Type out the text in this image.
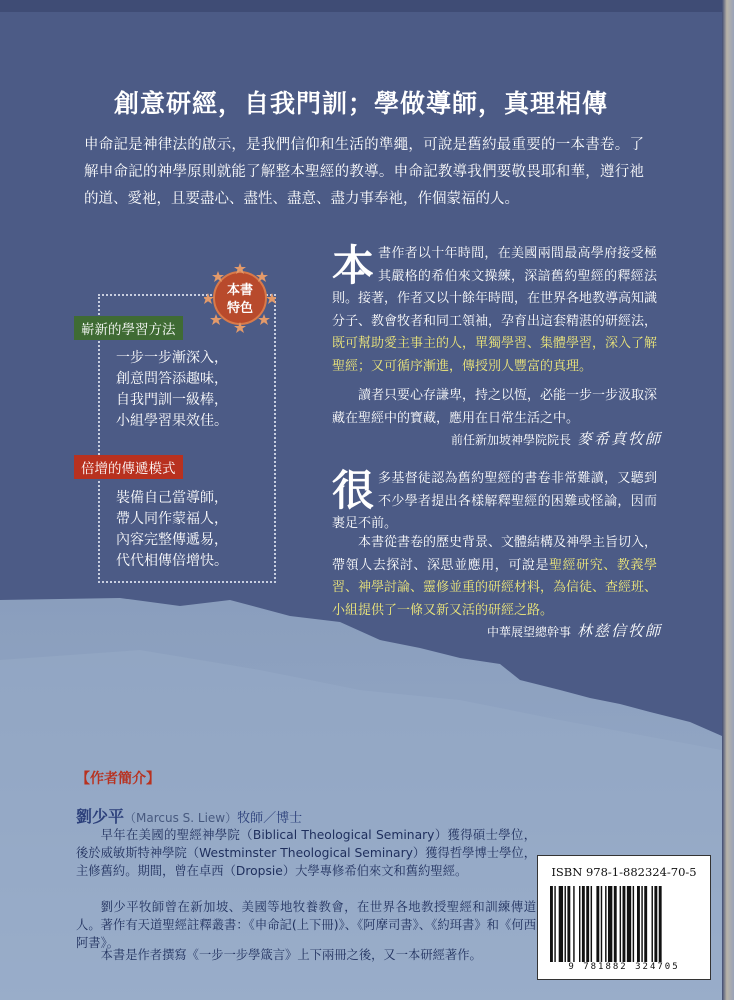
創意研經，自我門訓；學做導師，真理相傳

申命記是神律法的啟示，是我們信仰和生活的準繩，可說是舊約最重要的一本書卷。了解申命記的神學原則就能了解整本聖經的教導。申命記教導我們要敬畏耶和華，遵行祂的道、愛祂，且要盡心、盡性、盡意、盡力事奉祂，作個蒙福的人。

本書作者以十年時間，在美國兩間最高學府接受極其嚴格的希伯來文操練，深諳舊約聖經的釋經法則。接著，作者又以十餘年時間，在世界各地教導高知識分子、教會牧者和同工領袖，孕育出這套精湛的研經法，既可幫助愛主事主的人，單獨學習、集體學習，深入了解聖經；又可循序漸進，傳授別人豐富的真理。

讀者只要心存謙卑，持之以恆，必能一步一步汲取深藏在聖經中的寶藏，應用在日常生活之中。

前任新加坡神學院院長 麥希真牧師

很多基督徒認為舊約聖經的書卷非常難讀，又聽到不少學者提出各樣解釋聖經的困難或怪論，因而裹足不前。

本書從書卷的歷史背景、文體結構及神學主旨切入，帶領人去探討、深思並應用，可說是聖經研究、教義學習、神學討論、靈修並重的研經材料，為信徒、查經班、小組提供了一條又新又活的研經之路。

中華展望總幹事 林慈信牧師
本書
特色
嶄新的學習方法
一步一步漸深入，
創意問答添趣味，
自我門訓一級棒，
小組學習果效佳。
倍增的傳遞模式
裝備自己當導師，
帶人同作蒙福人，
內容完整傳遞易，
代代相傳倍增快。
【作者簡介】
劉少平（Marcus S. Liew）牧師／博士

早年在美國的聖經神學院（Biblical Theological Seminary）獲得碩士學位，後於威敏斯特神學院（Westminster Theological Seminary）獲得哲學博士學位，主修舊約。期間，曾在卓西（Dropsie）大學專修希伯來文和舊約聖經。

劉少平牧師曾在新加坡、美國等地牧養教會，在世界各地教授聖經和訓練傳道人。著作有天道聖經註釋叢書：《申命記(上下冊)》、《阿摩司書》、《約珥書》和《何西阿書》。

本書是作者撰寫《一步一步學箴言》上下兩冊之後，又一本研經著作。

ISBN 978-1-882324-70-5
9 781882 324705
